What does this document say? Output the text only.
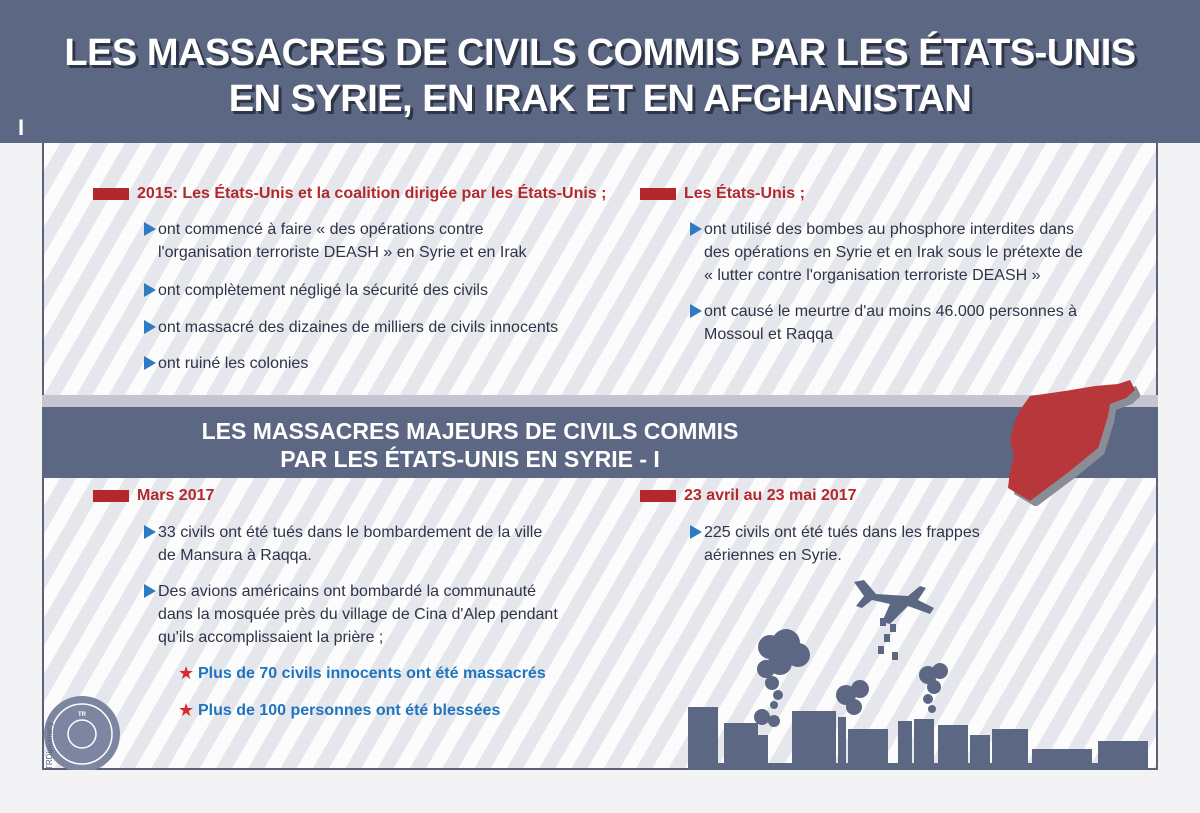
LES MASSACRES DE CIVILS COMMIS PAR LES ÉTATS-UNIS
EN SYRIE, EN IRAK ET EN AFGHANISTAN
I
2015: Les États-Unis et la coalition dirigée par les États-Unis ;
ont commencé à faire « des opérations contre
l'organisation terroriste DEASH » en Syrie et en Irak
ont complètement négligé la sécurité des civils
ont massacré des dizaines de milliers de civils innocents
ont ruiné les colonies
Les États-Unis ;
ont utilisé des bombes au phosphore interdites dans
des opérations en Syrie et en Irak sous le prétexte de
« lutter contre l'organisation terroriste DEASH »
ont causé le meurtre d'au moins 46.000 personnes à
Mossoul et Raqqa
LES MASSACRES MAJEURS DE CIVILS COMMIS
PAR LES ÉTATS-UNIS EN SYRIE - I
Mars 2017
33 civils ont été tués dans le bombardement de la ville
de Mansura à Raqqa.
Des avions américains ont bombardé la communauté
dans la mosquée près du village de Cina d'Alep pendant
qu'ils accomplissaient la prière ;
★ Plus de 70 civils innocents ont été massacrés
★ Plus de 100 personnes ont été blessées
23 avril au 23 mai 2017
225 civils ont été tués dans les frappes
aériennes en Syrie.
TR
TRDiplomacy
